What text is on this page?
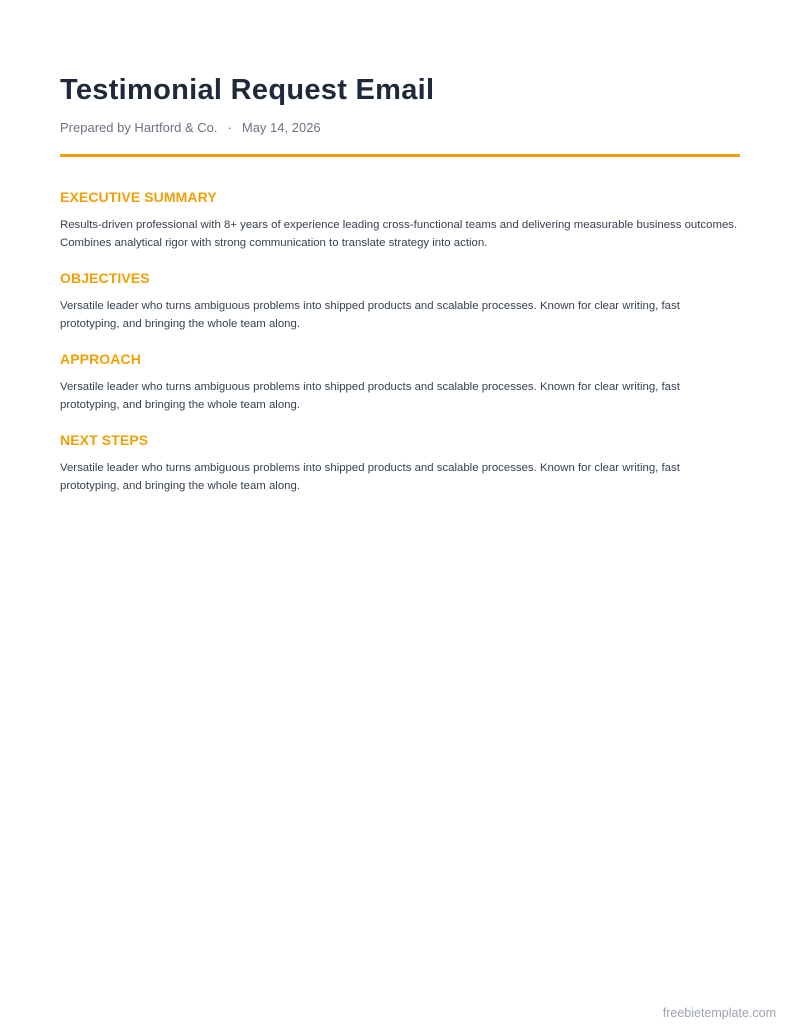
Testimonial Request Email
Prepared by Hartford & Co. · May 14, 2026
EXECUTIVE SUMMARY

Results-driven professional with 8+ years of experience leading cross-functional teams and delivering measurable business outcomes. Combines analytical rigor with strong communication to translate strategy into action.

OBJECTIVES

Versatile leader who turns ambiguous problems into shipped products and scalable processes. Known for clear writing, fast prototyping, and bringing the whole team along.

APPROACH

Versatile leader who turns ambiguous problems into shipped products and scalable processes. Known for clear writing, fast prototyping, and bringing the whole team along.

NEXT STEPS

Versatile leader who turns ambiguous problems into shipped products and scalable processes. Known for clear writing, fast prototyping, and bringing the whole team along.

freebietemplate.com
